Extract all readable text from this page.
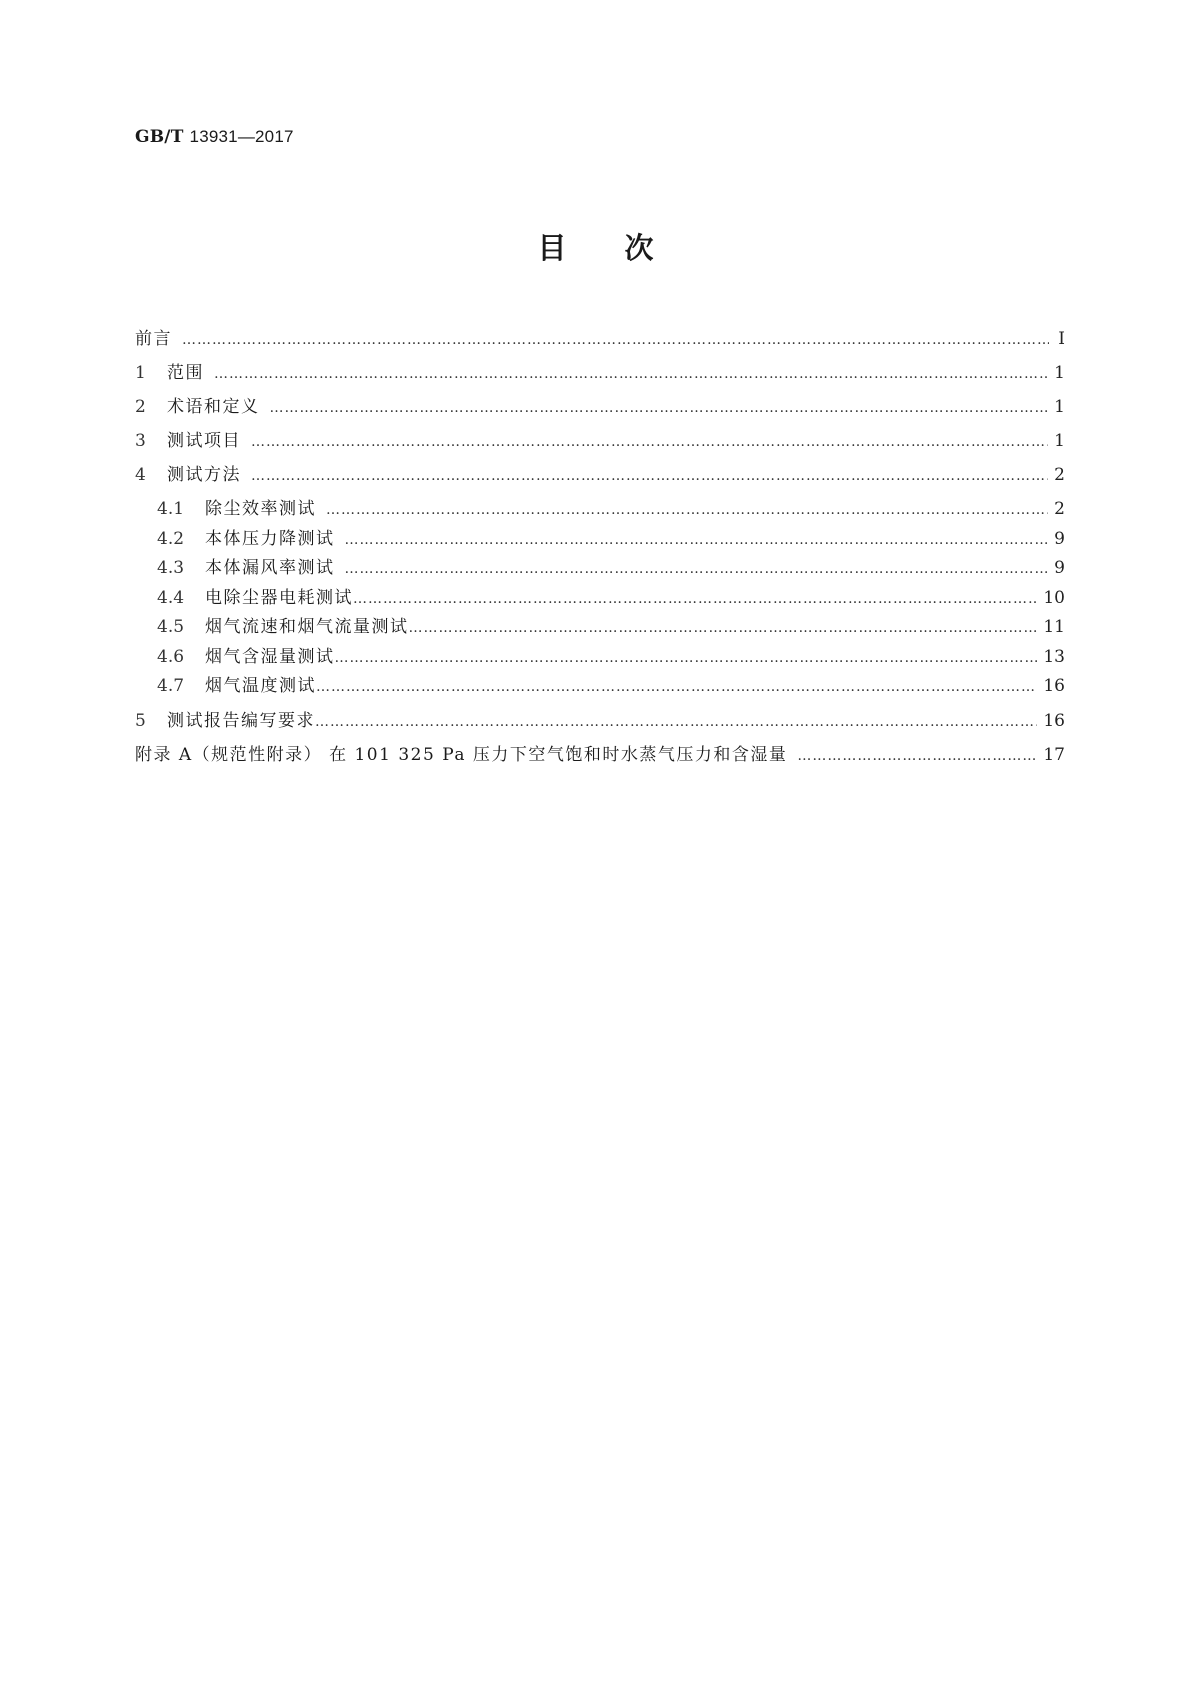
GB/T 13931—2017
目次
前言 ………………………………………………………………………………………………………………………………………………………………………………………………………………	Ⅰ
1	范围 ………………………………………………………………………………………………………………………………………………………………………………………………………………	1
2	术语和定义 ………………………………………………………………………………………………………………………………………………………………………………………………………………	1
3	测试项目 ………………………………………………………………………………………………………………………………………………………………………………………………………………	1
4	测试方法 ………………………………………………………………………………………………………………………………………………………………………………………………………………	2
4.1	除尘效率测试 ………………………………………………………………………………………………………………………………………………………………………………………………………………	2
4.2	本体压力降测试 ………………………………………………………………………………………………………………………………………………………………………………………………………………	9
4.3	本体漏风率测试 ………………………………………………………………………………………………………………………………………………………………………………………………………………	9
4.4	电除尘器电耗测试 ………………………………………………………………………………………………………………………………………………………………………………………………………………	10
4.5	烟气流速和烟气流量测试 ………………………………………………………………………………………………………………………………………………………………………………………………………………	11
4.6	烟气含湿量测试 ………………………………………………………………………………………………………………………………………………………………………………………………………………	13
4.7	烟气温度测试 ………………………………………………………………………………………………………………………………………………………………………………………………………………	16
5	测试报告编写要求 ………………………………………………………………………………………………………………………………………………………………………………………………………………	16
附录 A（规范性附录） 在 101 325 Pa 压力下空气饱和时水蒸气压力和含湿量 ………………………………………………………………………………………………………………………………………………………………………………………………………………	17
